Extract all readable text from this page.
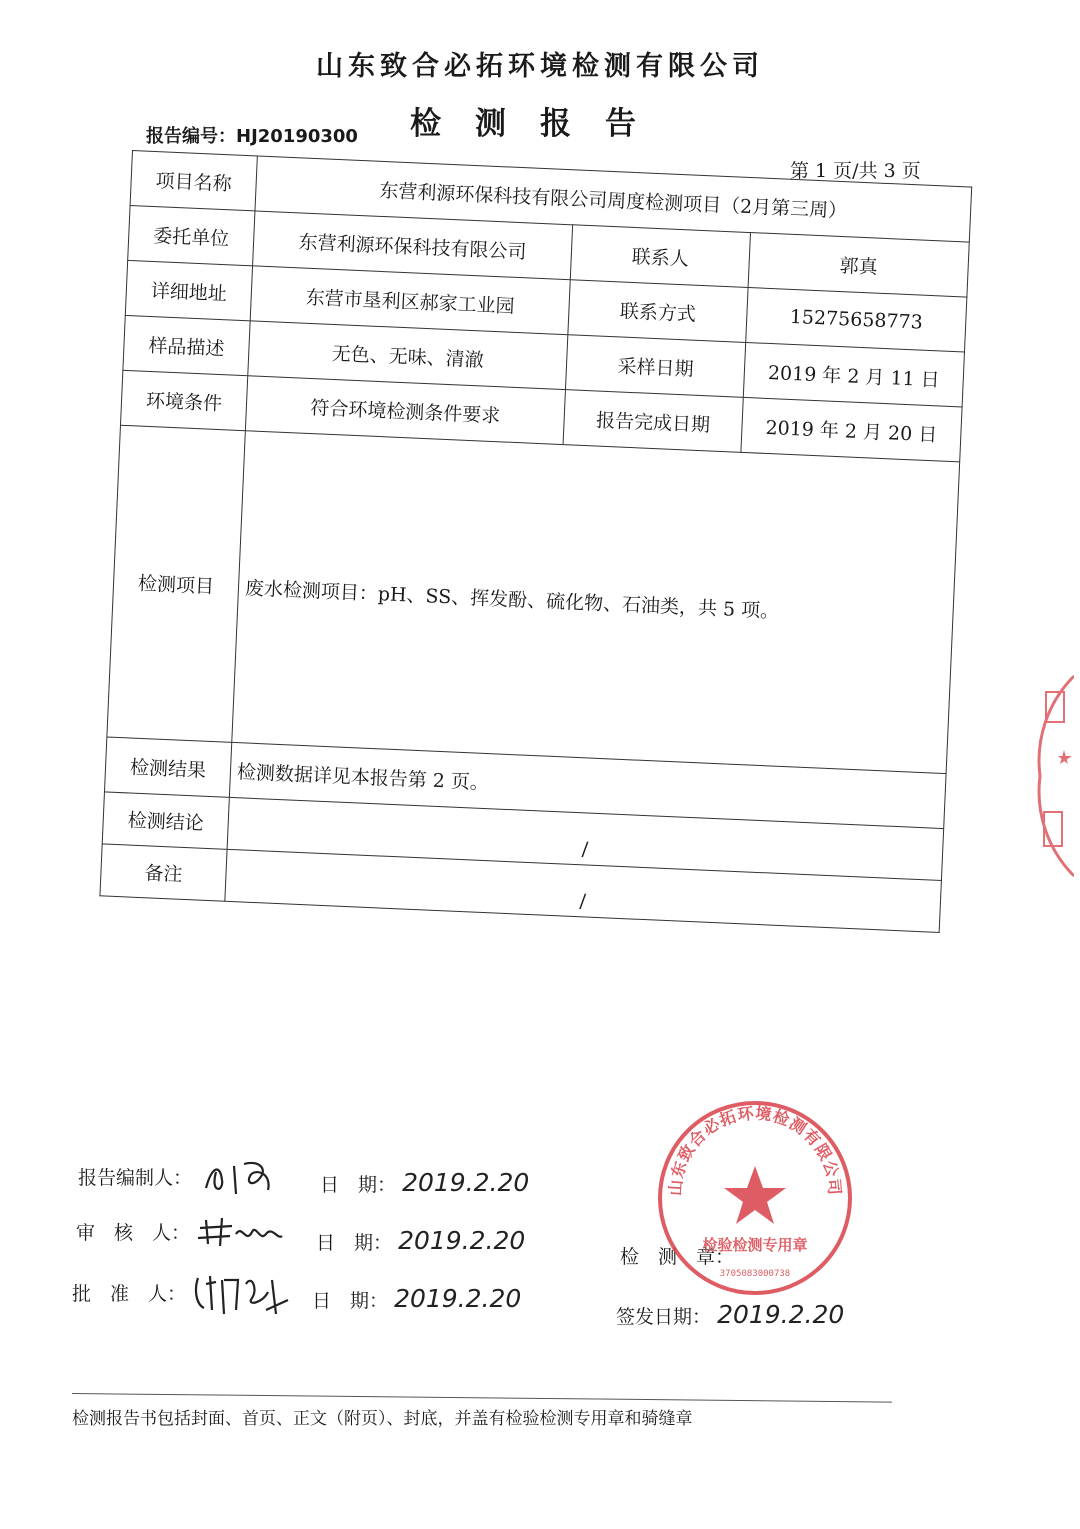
山东致合必拓环境检测有限公司
检测报告
报告编号：HJ20190300
第 1 页/共 3 页
项目名称	东营利源环保科技有限公司周度检测项目（2月第三周）		
委托单位	东营利源环保科技有限公司	联系人	郭真
详细地址	东营市垦利区郝家工业园	联系方式	15275658773
样品描述	无色、无味、清澈	采样日期	2019 年 2 月 11 日
环境条件	符合环境检测条件要求	报告完成日期	2019 年 2 月 20 日
检测项目	废水检测项目：pH、SS、挥发酚、硫化物、石油类，共 5 项。		
检测结果	检测数据详见本报告第 2 页。		
检测结论	/		
备注	/		
报告编制人：	日　期： 2019.2.20
审　核　人：	日　期： 2019.2.20
批　准　人：	日　期： 2019.2.20
检　测　章：
签发日期： 2019.2.20
山东致合必拓环境检测有限公司
检验检测专用章
3705083000738
检测报告书包括封面、首页、正文（附页）、封底，并盖有检验检测专用章和骑缝章
